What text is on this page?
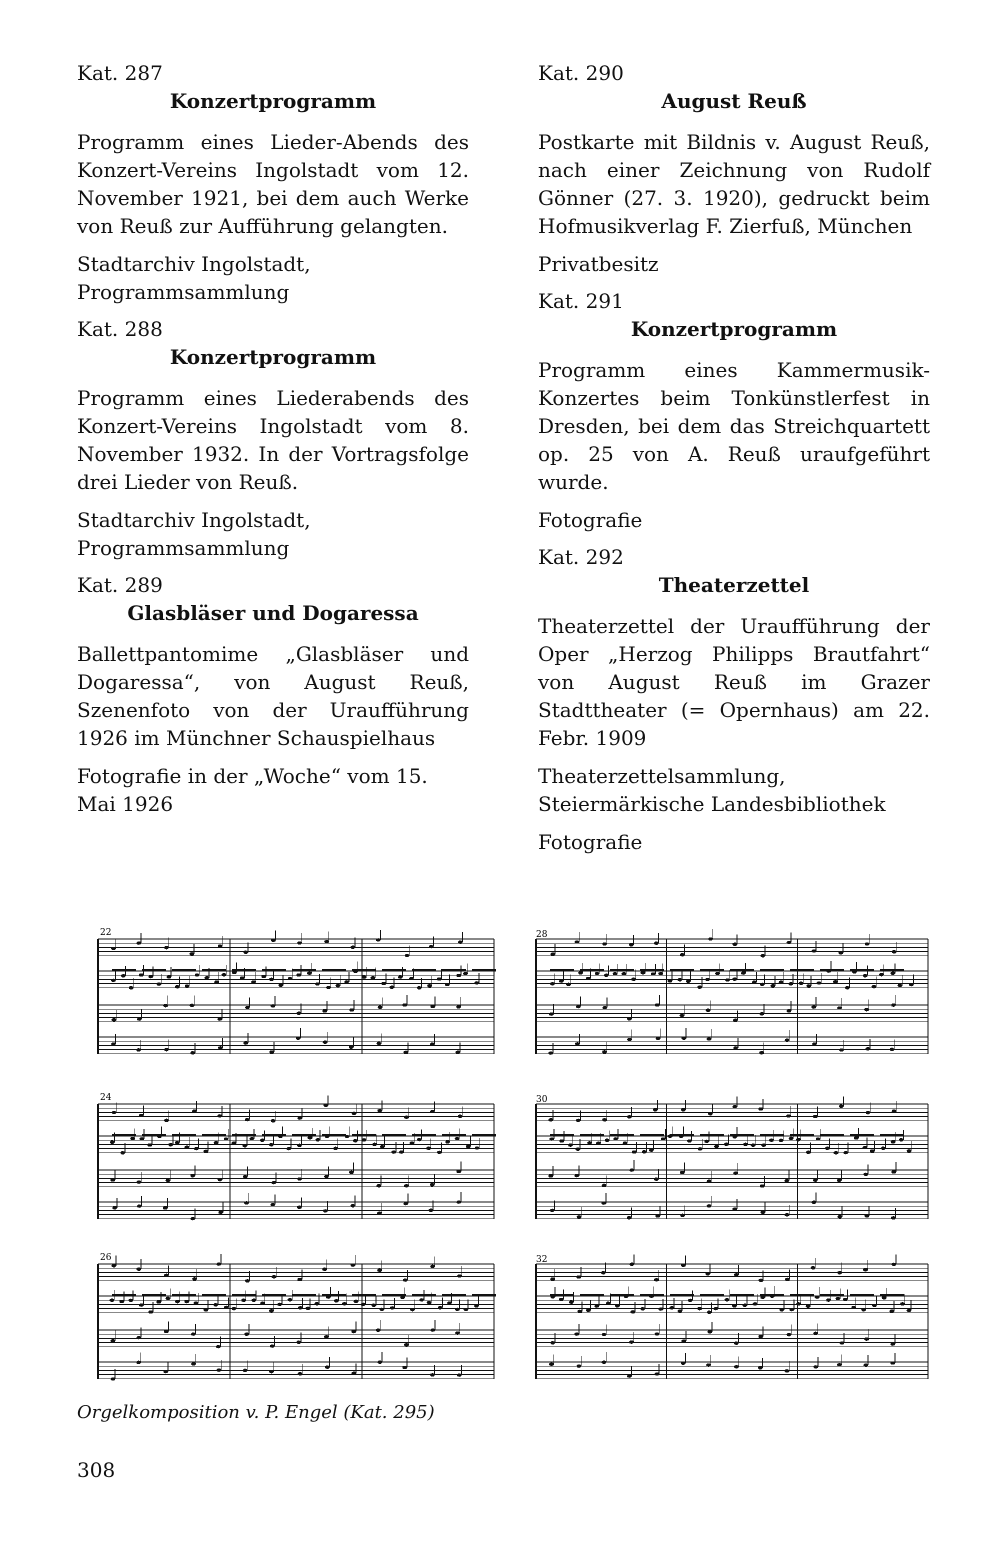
Kat. 287

Konzertprogramm

Programm eines Lieder-Abends des Konzert-Vereins Ingolstadt vom 12. November 1921, bei dem auch Werke von Reuß zur Aufführung gelangten.

Stadtarchiv Ingolstadt, Programmsammlung

Kat. 288

Konzertprogramm

Programm eines Liederabends des Konzert-Vereins Ingolstadt vom 8. November 1932. In der Vortragsfolge drei Lieder von Reuß.

Stadtarchiv Ingolstadt, Programmsammlung

Kat. 289

Glasbläser und Dogaressa

Ballettpantomime „Glasbläser und Dogaressa“, von August Reuß, Szenenfoto von der Uraufführung 1926 im Münchner Schauspielhaus

Fotografie in der „Woche“ vom 15. Mai 1926

Kat. 290

August Reuß

Postkarte mit Bildnis v. August Reuß, nach einer Zeichnung von Rudolf Gönner (27. 3. 1920), gedruckt beim Hofmusikverlag F. Zierfuß, München

Privatbesitz

Kat. 291

Konzertprogramm

Programm eines Kammermusik-Konzertes beim Tonkünstlerfest in Dresden, bei dem das Streichquartett op. 25 von A. Reuß uraufgeführt wurde.

Fotografie

Kat. 292

Theaterzettel

Theaterzettel der Uraufführung der Oper „Herzog Philipps Brautfahrt“ von August Reuß im Grazer Stadttheater (= Opernhaus) am 22. Febr. 1909

Theaterzettelsammlung, Steiermärkische Landesbibliothek

Fotografie

22
24
26
28
30
32
Orgelkomposition v. P. Engel (Kat. 295)
308
